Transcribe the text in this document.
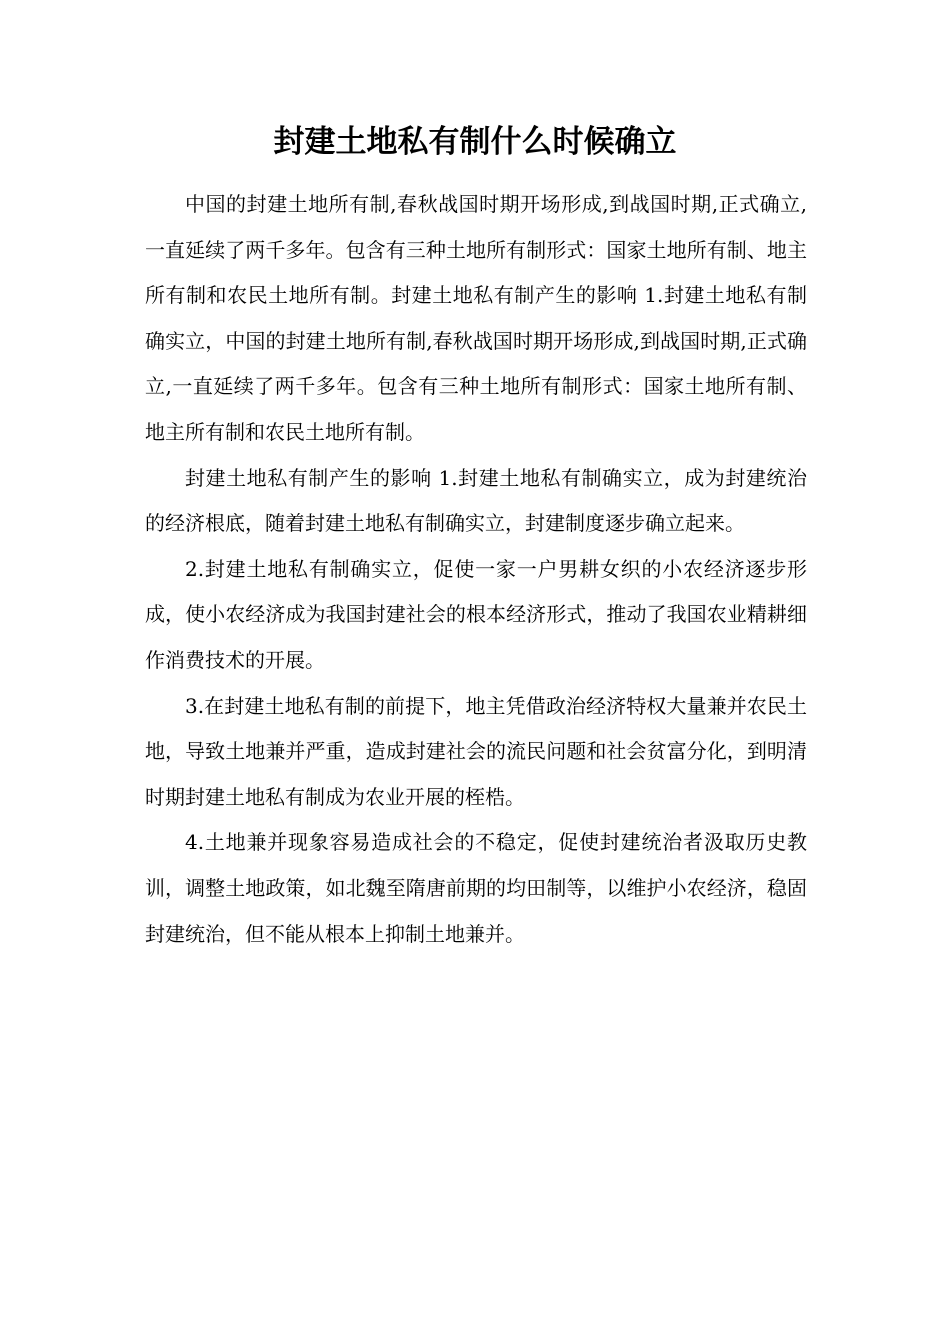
封建土地私有制什么时候确立

中国的封建土地所有制,春秋战国时期开场形成,到战国时期,正式确立,一直延续了两千多年。包含有三种土地所有制形式：国家土地所有制、地主所有制和农民土地所有制。封建土地私有制产生的影响 1.封建土地私有制确实立，中国的封建土地所有制,春秋战国时期开场形成,到战国时期,正式确立,一直延续了两千多年。包含有三种土地所有制形式：国家土地所有制、地主所有制和农民土地所有制。

封建土地私有制产生的影响 1.封建土地私有制确实立，成为封建统治的经济根底，随着封建土地私有制确实立，封建制度逐步确立起来。

2.封建土地私有制确实立，促使一家一户男耕女织的小农经济逐步形成，使小农经济成为我国封建社会的根本经济形式，推动了我国农业精耕细作消费技术的开展。

3.在封建土地私有制的前提下，地主凭借政治经济特权大量兼并农民土地，导致土地兼并严重，造成封建社会的流民问题和社会贫富分化，到明清时期封建土地私有制成为农业开展的桎梏。

4.土地兼并现象容易造成社会的不稳定，促使封建统治者汲取历史教训，调整土地政策，如北魏至隋唐前期的均田制等，以维护小农经济，稳固封建统治，但不能从根本上抑制土地兼并。
